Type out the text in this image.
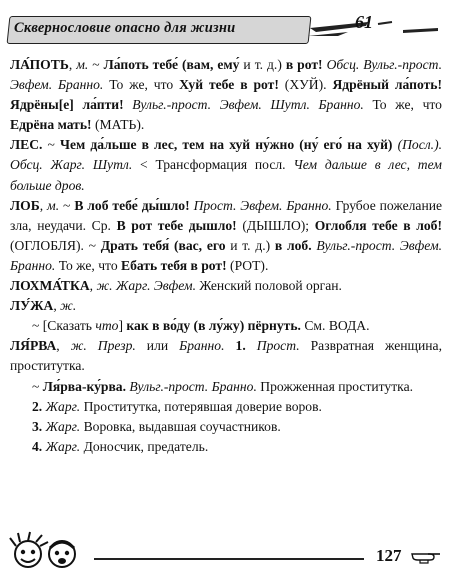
Сквернословие опасно для жизни	61

ЛА́ПОТЬ, м. ~ Ла́поть тебе́ (вам, ему́ и т. д.) в рот! Обсц. Вульг.-прост. Эвфем. Бранно. То же, что Хуй тебе в рот! (ХУЙ). Ядрёный ла́поть! Ядрёны[е] ла́пти! Вульг.-прост. Эвфем. Шутл. Бранно. То же, что Едрёна мать! (МАТЬ).

ЛЕС. ~ Чем да́льше в лес, тем на хуй ну́жно (ну́ его́ на хуй) (Посл.). Обсц. Жарг. Шутл. < Трансформация посл. Чем дальше в лес, тем больше дров.

ЛОБ, м. ~ В лоб тебе́ ды́шло! Прост. Эвфем. Бранно. Грубое пожелание зла, неудачи. Ср. В рот тебе дышло! (ДЫШЛО); Оглобля тебе в лоб! (ОГЛОБЛЯ). ~ Драть тебя́ (вас, его и т. д.) в лоб. Вульг.-прост. Эвфем. Бранно. То же, что Ебать тебя в рот! (РОТ).

ЛОХМА́ТКА, ж. Жарг. Эвфем. Женский половой орган.

ЛУ́ЖА, ж.

~ [Сказать что] как в во́ду (в лу́жу) пёрнуть. См. ВОДА.

ЛЯ́РВА, ж. Презр. или Бранно. 1. Прост. Развратная женщина, проститутка.

~ Ля́рва-ку́рва. Вульг.-прост. Бранно. Прожженная проститутка.

2. Жарг. Проститутка, потерявшая доверие воров.

3. Жарг. Воровка, выдавшая соучастников.

4. Жарг. Доносчик, предатель.

127
